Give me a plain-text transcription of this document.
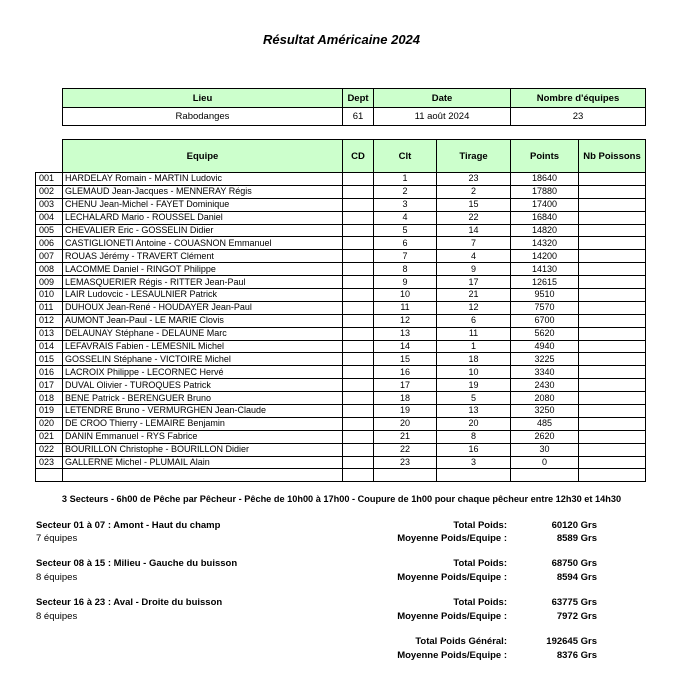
Résultat Américaine 2024
Lieu	Dept	Date	Nombre d'équipes
Rabodanges	61	11 août 2024	23
	Equipe	CD	Clt	Tirage	Points	Nb Poissons
001	HARDELAY Romain - MARTIN Ludovic		1	23	18640	
002	GLEMAUD Jean-Jacques - MENNERAY Régis		2	2	17880	
003	CHENU Jean-Michel - FAYET Dominique		3	15	17400	
004	LECHALARD Mario - ROUSSEL Daniel		4	22	16840	
005	CHEVALIER Eric - GOSSELIN Didier		5	14	14820	
006	CASTIGLIONETI Antoine - COUASNON Emmanuel		6	7	14320	
007	ROUAS Jérémy - TRAVERT Clément		7	4	14200	
008	LACOMME Daniel - RINGOT Philippe		8	9	14130	
009	LEMASQUERIER Régis - RITTER Jean-Paul		9	17	12615	
010	LAIR Ludovcic - LESAULNIER Patrick		10	21	9510	
011	DUHOUX Jean-René - HOUDAYER Jean-Paul		11	12	7570	
012	AUMONT Jean-Paul - LE MARIE Clovis		12	6	6700	
013	DELAUNAY Stéphane - DELAUNE Marc		13	11	5620	
014	LEFAVRAIS Fabien - LEMESNIL Michel		14	1	4940	
015	GOSSELIN Stéphane - VICTOIRE Michel		15	18	3225	
016	LACROIX Philippe - LECORNEC Hervé		16	10	3340	
017	DUVAL Olivier - TUROQUES Patrick		17	19	2430	
018	BENE Patrick - BERENGUER Bruno		18	5	2080	
019	LETENDRE Bruno - VERMURGHEN Jean-Claude		19	13	3250	
020	DE CROO Thierry - LEMAIRE Benjamin		20	20	485	
021	DANIN Emmanuel - RYS Fabrice		21	8	2620	
022	BOURILLON Christophe - BOURILLON Didier		22	16	30	
023	GALLERNE Michel - PLUMAIL Alain		23	3	0	

3 Secteurs - 6h00 de Pêche par Pêcheur - Pêche de 10h00 à 17h00 - Coupure de 1h00 pour chaque pêcheur entre 12h30 et 14h30
Secteur 01 à 07 : Amont - Haut du champ
7 équipes
Total Poids:	60120 Grs
Moyenne Poids/Equipe :	8589 Grs
Secteur 08 à 15 : Milieu - Gauche du buisson
8 équipes
Total Poids:	68750 Grs
Moyenne Poids/Equipe :	8594 Grs
Secteur 16 à 23 : Aval - Droite du buisson
8 équipes
Total Poids:	63775 Grs
Moyenne Poids/Equipe :	7972 Grs
Total Poids Général:	192645 Grs
Moyenne Poids/Equipe :	8376 Grs
